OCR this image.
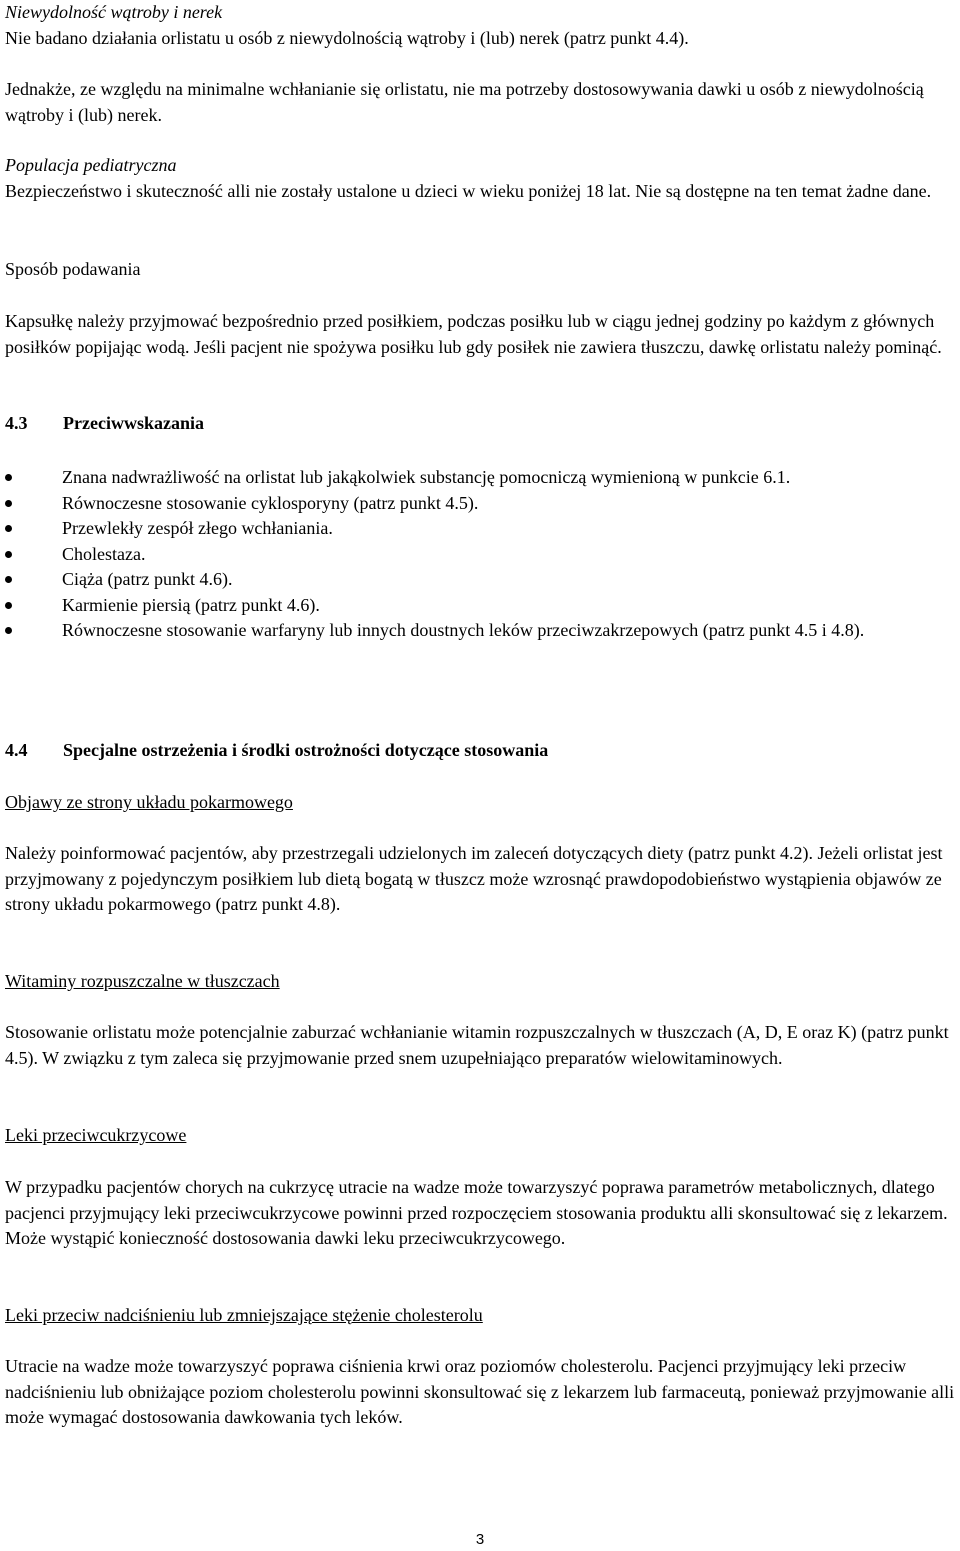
Niewydolność wątroby i nerek

Nie badano działania orlistatu u osób z niewydolnością wątroby i (lub) nerek (patrz punkt 4.4).

Jednakże, ze względu na minimalne wchłanianie się orlistatu, nie ma potrzeby dostosowywania dawki u osób z niewydolnością wątroby i (lub) nerek.

Populacja pediatryczna

Bezpieczeństwo i skuteczność alli nie zostały ustalone u dzieci w wieku poniżej 18 lat. Nie są dostępne na ten temat żadne dane.

Sposób podawania

Kapsułkę należy przyjmować bezpośrednio przed posiłkiem, podczas posiłku lub w ciągu jednej godziny po każdym z głównych posiłków popijając wodą. Jeśli pacjent nie spożywa posiłku lub gdy posiłek nie zawiera tłuszczu, dawkę orlistatu należy pominąć.

4.3 Przeciwwskazania
Znana nadwrażliwość na orlistat lub jakąkolwiek substancję pomocniczą wymienioną w punkcie 6.1.
Równoczesne stosowanie cyklosporyny (patrz punkt 4.5).
Przewlekły zespół złego wchłaniania.
Cholestaza.
Ciąża (patrz punkt 4.6).
Karmienie piersią (patrz punkt 4.6).
Równoczesne stosowanie warfaryny lub innych doustnych leków przeciwzakrzepowych (patrz punkt 4.5 i 4.8).
4.4 Specjalne ostrzeżenia i środki ostrożności dotyczące stosowania
Objawy ze strony układu pokarmowego

Należy poinformować pacjentów, aby przestrzegali udzielonych im zaleceń dotyczących diety (patrz punkt 4.2). Jeżeli orlistat jest przyjmowany z pojedynczym posiłkiem lub dietą bogatą w tłuszcz może wzrosnąć prawdopodobieństwo wystąpienia objawów ze strony układu pokarmowego (patrz punkt 4.8).

Witaminy rozpuszczalne w tłuszczach

Stosowanie orlistatu może potencjalnie zaburzać wchłanianie witamin rozpuszczalnych w tłuszczach (A, D, E oraz K) (patrz punkt 4.5). W związku z tym zaleca się przyjmowanie przed snem uzupełniająco preparatów wielowitaminowych.

Leki przeciwcukrzycowe

W przypadku pacjentów chorych na cukrzycę utracie na wadze może towarzyszyć poprawa parametrów metabolicznych, dlatego pacjenci przyjmujący leki przeciwcukrzycowe powinni przed rozpoczęciem stosowania produktu alli skonsultować się z lekarzem. Może wystąpić konieczność dostosowania dawki leku przeciwcukrzycowego.

Leki przeciw nadciśnieniu lub zmniejszające stężenie cholesterolu

Utracie na wadze może towarzyszyć poprawa ciśnienia krwi oraz poziomów cholesterolu. Pacjenci przyjmujący leki przeciw nadciśnieniu lub obniżające poziom cholesterolu powinni skonsultować się z lekarzem lub farmaceutą, ponieważ przyjmowanie alli może wymagać dostosowania dawkowania tych leków.

3
